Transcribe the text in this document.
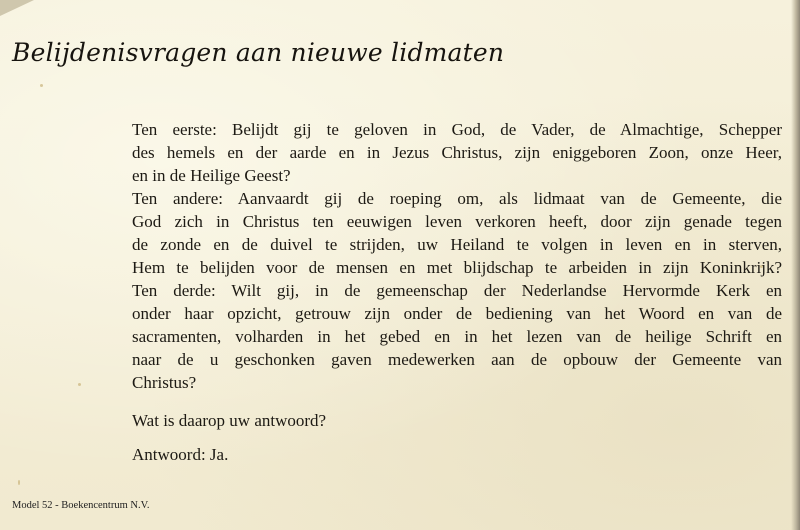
Belijdenisvragen aan nieuwe lidmaten

Ten eerste: Belijdt gij te geloven in God, de Vader, de Almachtige, Schepper
des hemels en der aarde en in Jezus Christus, zijn eniggeboren Zoon, onze Heer,
en in de Heilige Geest?

Ten andere: Aanvaardt gij de roeping om, als lidmaat van de Gemeente, die
God zich in Christus ten eeuwigen leven verkoren heeft, door zijn genade tegen
de zonde en de duivel te strijden, uw Heiland te volgen in leven en in sterven,
Hem te belijden voor de mensen en met blijdschap te arbeiden in zijn Koninkrijk?

Ten derde: Wilt gij, in de gemeenschap der Nederlandse Hervormde Kerk en
onder haar opzicht, getrouw zijn onder de bediening van het Woord en van de
sacramenten, volharden in het gebed en in het lezen van de heilige Schrift en
naar de u geschonken gaven medewerken aan de opbouw der Gemeente van
Christus?

Wat is daarop uw antwoord?

Antwoord: Ja.

Model 52 - Boekencentrum N.V.
